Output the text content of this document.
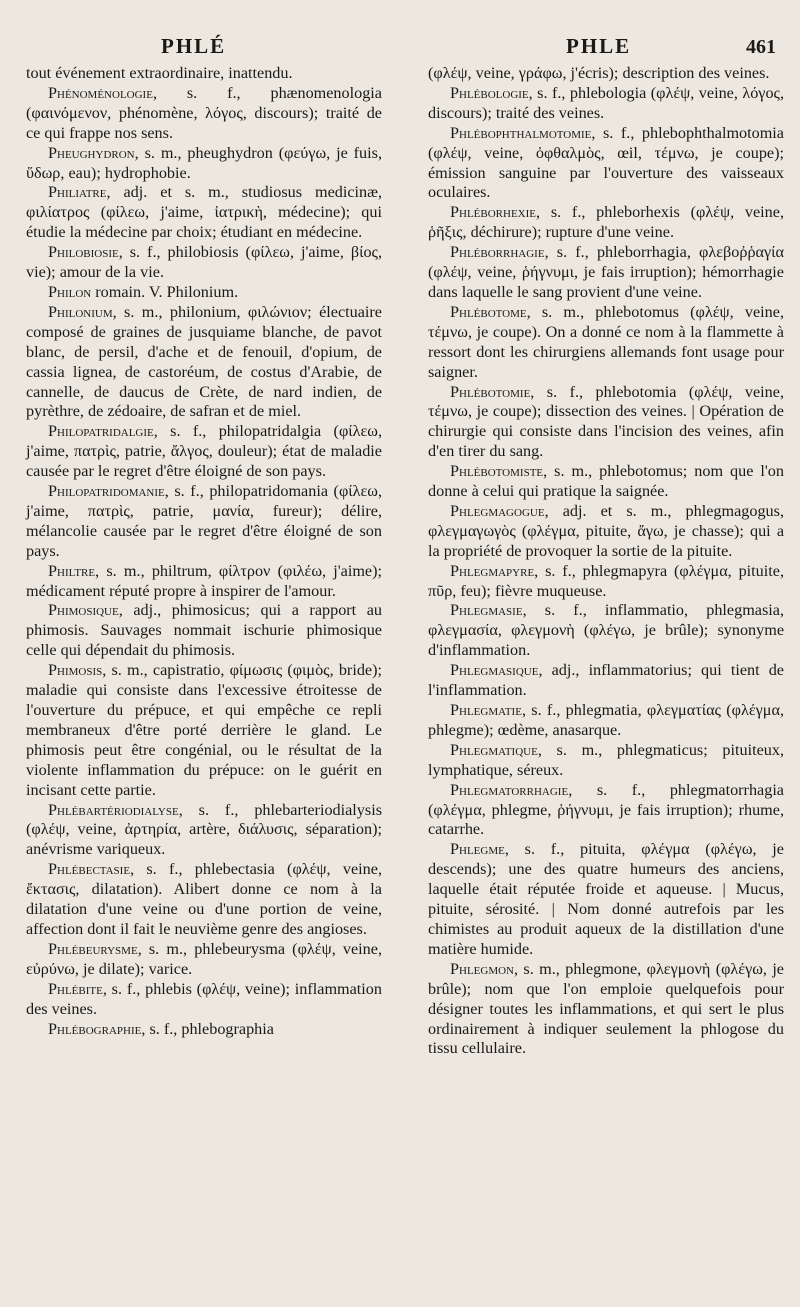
PHLÉ	PHLE	461

tout événement extraordinaire, inattendu.

Phénoménologie, s. f., phænomenologia (φαινόμενον, phénomène, λόγος, discours); traité de ce qui frappe nos sens.

Pheughydron, s. m., pheughydron (φεύγω, je fuis, ὕδωρ, eau); hydrophobie.

Philiatre, adj. et s. m., studiosus medicinæ, φιλίατρος (φίλεω, j'aime, ἰατρικὴ, médecine); qui étudie la médecine par choix; étudiant en médecine.

Philobiosie, s. f., philobiosis (φίλεω, j'aime, βίος, vie); amour de la vie.

Philon romain. V. Philonium.

Philonium, s. m., philonium, φιλώνιον; électuaire composé de graines de jusquiame blanche, de pavot blanc, de persil, d'ache et de fenouil, d'opium, de cassia lignea, de castoréum, de costus d'Arabie, de cannelle, de daucus de Crète, de nard indien, de pyrèthre, de zédoaire, de safran et de miel.

Philopatridalgie, s. f., philopatridalgia (φίλεω, j'aime, πατρὶς, patrie, ἄλγος, douleur); état de maladie causée par le regret d'être éloigné de son pays.

Philopatridomanie, s. f., philopatridomania (φίλεω, j'aime, πατρὶς, patrie, μανία, fureur); délire, mélancolie causée par le regret d'être éloigné de son pays.

Philtre, s. m., philtrum, φίλτρον (φιλέω, j'aime); médicament réputé propre à inspirer de l'amour.

Phimosique, adj., phimosicus; qui a rapport au phimosis. Sauvages nommait ischurie phimosique celle qui dépendait du phimosis.

Phimosis, s. m., capistratio, φίμωσις (φιμὸς, bride); maladie qui consiste dans l'excessive étroitesse de l'ouverture du prépuce, et qui empêche ce repli membraneux d'être porté derrière le gland. Le phimosis peut être congénial, ou le résultat de la violente inflammation du prépuce: on le guérit en incisant cette partie.

Phlébartériodialyse, s. f., phlebarteriodialysis (φλέψ, veine, ἀρτηρία, artère, διάλυσις, séparation); anévrisme variqueux.

Phlébectasie, s. f., phlebectasia (φλέψ, veine, ἔκτασις, dilatation). Alibert donne ce nom à la dilatation d'une veine ou d'une portion de veine, affection dont il fait le neuvième genre des angioses.

Phlébeurysme, s. m., phlebeurysma (φλέψ, veine, εὐρύνω, je dilate); varice.

Phlébite, s. f., phlebis (φλέψ, veine); inflammation des veines.

Phlébographie, s. f., phlebographia

(φλέψ, veine, γράφω, j'écris); description des veines.

Phlébologie, s. f., phlebologia (φλέψ, veine, λόγος, discours); traité des veines.

Phlébophthalmotomie, s. f., phlebophthalmotomia (φλέψ, veine, ὀφθαλμὸς, œil, τέμνω, je coupe); émission sanguine par l'ouverture des vaisseaux oculaires.

Phléborhexie, s. f., phleborhexis (φλέψ, veine, ῥῆξις, déchirure); rupture d'une veine.

Phléborrhagie, s. f., phleborrhagia, φλεβοῤῥαγία (φλέψ, veine, ῥήγνυμι, je fais irruption); hémorrhagie dans laquelle le sang provient d'une veine.

Phlébotome, s. m., phlebotomus (φλέψ, veine, τέμνω, je coupe). On a donné ce nom à la flammette à ressort dont les chirurgiens allemands font usage pour saigner.

Phlébotomie, s. f., phlebotomia (φλέψ, veine, τέμνω, je coupe); dissection des veines. | Opération de chirurgie qui consiste dans l'incision des veines, afin d'en tirer du sang.

Phlébotomiste, s. m., phlebotomus; nom que l'on donne à celui qui pratique la saignée.

Phlegmagogue, adj. et s. m., phlegmagogus, φλεγμαγωγὸς (φλέγμα, pituite, ἄγω, je chasse); qui a la propriété de provoquer la sortie de la pituite.

Phlegmapyre, s. f., phlegmapyra (φλέγμα, pituite, πῦρ, feu); fièvre muqueuse.

Phlegmasie, s. f., inflammatio, phlegmasia, φλεγμασία, φλεγμονὴ (φλέγω, je brûle); synonyme d'inflammation.

Phlegmasique, adj., inflammatorius; qui tient de l'inflammation.

Phlegmatie, s. f., phlegmatia, φλεγματίας (φλέγμα, phlegme); œdème, anasarque.

Phlegmatique, s. m., phlegmaticus; pituiteux, lymphatique, séreux.

Phlegmatorrhagie, s. f., phlegmatorrhagia (φλέγμα, phlegme, ῥήγνυμι, je fais irruption); rhume, catarrhe.

Phlegme, s. f., pituita, φλέγμα (φλέγω, je descends); une des quatre humeurs des anciens, laquelle était réputée froide et aqueuse. | Mucus, pituite, sérosité. | Nom donné autrefois par les chimistes au produit aqueux de la distillation d'une matière humide.

Phlegmon, s. m., phlegmone, φλεγμονὴ (φλέγω, je brûle); nom que l'on emploie quelquefois pour désigner toutes les inflammations, et qui sert le plus ordinairement à indiquer seulement la phlogose du tissu cellulaire.
